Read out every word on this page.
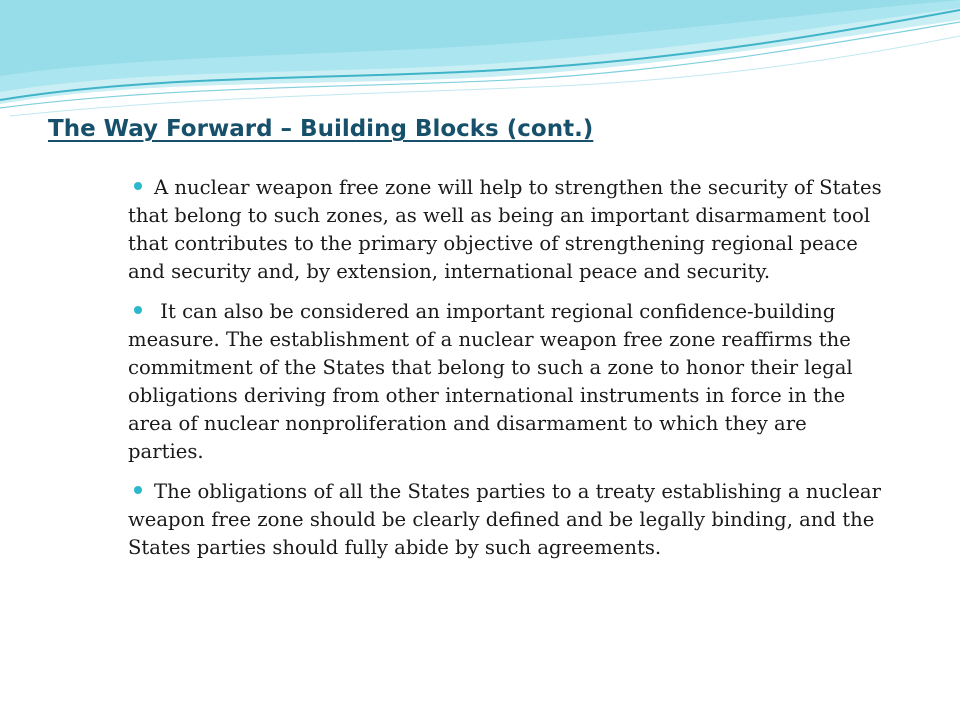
The Way Forward – Building Blocks (cont.)
A nuclear weapon free zone will help to strengthen the security of States that belong to such zones, as well as being an important disarmament tool that contributes to the primary objective of strengthening regional peace and security and, by extension, international peace and security.
It can also be considered an important regional confidence-building measure. The establishment of a nuclear weapon free zone reaffirms the commitment of the States that belong to such a zone to honor their legal obligations deriving from other international instruments in force in the area of nuclear nonproliferation and disarmament to which they are parties.
The obligations of all the States parties to a treaty establishing a nuclear weapon free zone should be clearly defined and be legally binding, and the States parties should fully abide by such agreements.
